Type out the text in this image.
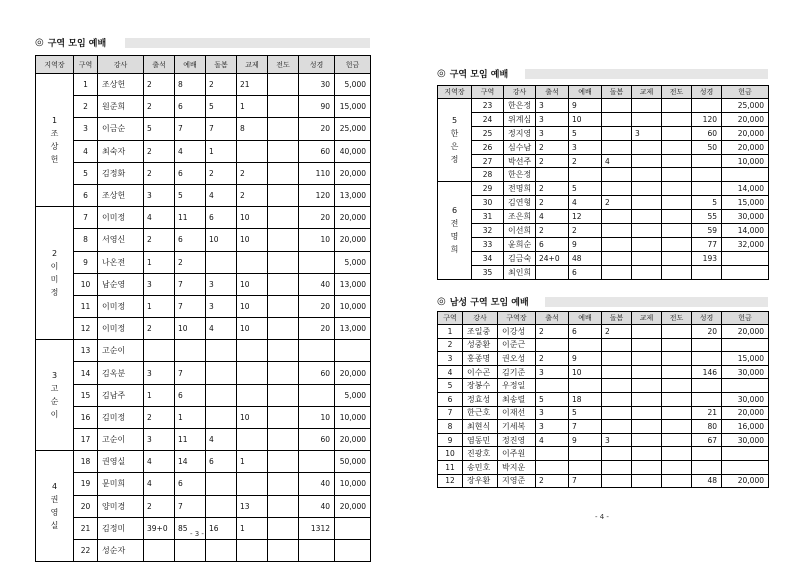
◎ 구역 모임 예배
지역장	구역	강사	출석	예배	돌봄	교제	전도	성경	헌금

1
조
상
헌	1	조상헌	2	8	2	21		30	5,000
	2	원준희	2	6	5	1		90	15,000
	3	이금순	5	7	7	8		20	25,000
	4	최숙자	2	4	1			60	40,000
	5	김정화	2	6	2	2		110	20,000
	6	조상헌	3	5	4	2		120	13,000

2
이
미
정	7	이미정	4	11	6	10		20	20,000
	8	서영신	2	6	10	10		10	20,000
	9	나온전	1	2					5,000
	10	남순영	3	7	3	10		40	13,000
	11	이미정	1	7	3	10		20	10,000
	12	이미정	2	10	4	10		20	13,000

3
고
순
이	13	고순이							
	14	김옥분	3	7				60	20,000
	15	김남주	1	6					5,000
	16	김미정	2	1		10		10	10,000
	17	고순이	3	11	4			60	20,000

4
권
영
실	18	권영실	4	14	6	1			50,000
	19	문미희	4	6				40	10,000
	20	양미경	2	7		13		40	20,000
	21	김정미	39+0	85	16	1		1312	
	22	성순자							
- 3 -
◎ 구역 모임 예배
지역장	구역	강사	출석	예배	돌봄	교제	전도	성경	헌금

5
한
은
정	23	한은정	3	9					25,000
	24	위계심	3	10				120	20,000
	25	정지영	3	5		3		60	20,000
	26	심수남	2	3				50	20,000
	27	박선주	2	2	4				10,000
	28	한은정							

6
전
명
희	29	전명희	2	5					14,000
	30	김연형	2	4	2			5	15,000
	31	조은희	4	12				55	30,000
	32	이선희	2	2				59	14,000
	33	윤희순	6	9				77	32,000
	34	김금숙	24+0	48				193	
	35	최인희		6					
◎ 남성 구역 모임 예배
구역	강사	구역장	출석	예배	돌봄	교제	전도	성경	헌금
1	조일중	이강성	2	6	2			20	20,000
2	성중환	이준근							
3	홍종명	권오성	2	9					15,000
4	이수곤	김기준	3	10				146	30,000
5	장봉수	우정일							
6	정효성	최송렬	5	18					30,000
7	한근호	이재선	3	5				21	20,000
8	최현식	기세복	3	7				80	16,000
9	염동민	정진영	4	9	3			67	30,000
10	진광호	이주원							
11	송민호	박지운							
12	장우환	지영준	2	7				48	20,000
- 4 -
